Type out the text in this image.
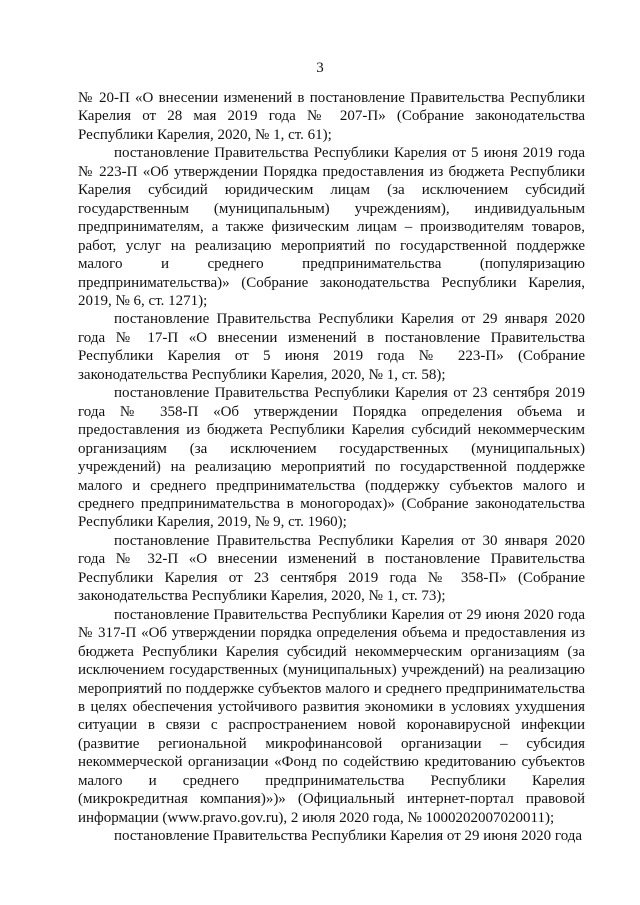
3

№ 20-П «О внесении изменений в постановление Правительства Республики Карелия от 28 мая 2019 года № 207-П» (Собрание законодательства Республики Карелия, 2020, № 1, ст. 61);

постановление Правительства Республики Карелия от 5 июня 2019 года № 223-П «Об утверждении Порядка предоставления из бюджета Республики Карелия субсидий юридическим лицам (за исключением субсидий государственным (муниципальным) учреждениям), индивидуальным предпринимателям, а также физическим лицам – производителям товаров, работ, услуг на реализацию мероприятий по государственной поддержке малого и среднего предпринимательства (популяризацию предпринимательства)» (Собрание законодательства Республики Карелия, 2019, № 6, ст. 1271);

постановление Правительства Республики Карелия от 29 января 2020 года № 17-П «О внесении изменений в постановление Правительства Республики Карелия от 5 июня 2019 года № 223-П» (Собрание законодательства Республики Карелия, 2020, № 1, ст. 58);

постановление Правительства Республики Карелия от 23 сентября 2019 года № 358-П «Об утверждении Порядка определения объема и предоставления из бюджета Республики Карелия субсидий некоммерческим организациям (за исключением государственных (муниципальных) учреждений) на реализацию мероприятий по государственной поддержке малого и среднего предпринимательства (поддержку субъектов малого и среднего предпринимательства в моногородах)» (Собрание законодательства Республики Карелия, 2019, № 9, ст. 1960);

постановление Правительства Республики Карелия от 30 января 2020 года № 32-П «О внесении изменений в постановление Правительства Республики Карелия от 23 сентября 2019 года № 358-П» (Собрание законодательства Республики Карелия, 2020, № 1, ст. 73);

постановление Правительства Республики Карелия от 29 июня 2020 года № 317-П «Об утверждении порядка определения объема и предоставления из бюджета Республики Карелия субсидий некоммерческим организациям (за исключением государственных (муниципальных) учреждений) на реализацию мероприятий по поддержке субъектов малого и среднего предпринимательства в целях обеспечения устойчивого развития экономики в условиях ухудшения ситуации в связи с распространением новой коронавирусной инфекции (развитие региональной микрофинансовой организации – субсидия некоммерческой организации «Фонд по содействию кредитованию субъектов малого и среднего предпринимательства Республики Карелия (микрокредитная компания)»)» (Официальный интернет-портал правовой информации (www.pravo.gov.ru), 2 июля 2020 года, № 1000202007020011);

постановление Правительства Республики Карелия от 29 июня 2020 года
